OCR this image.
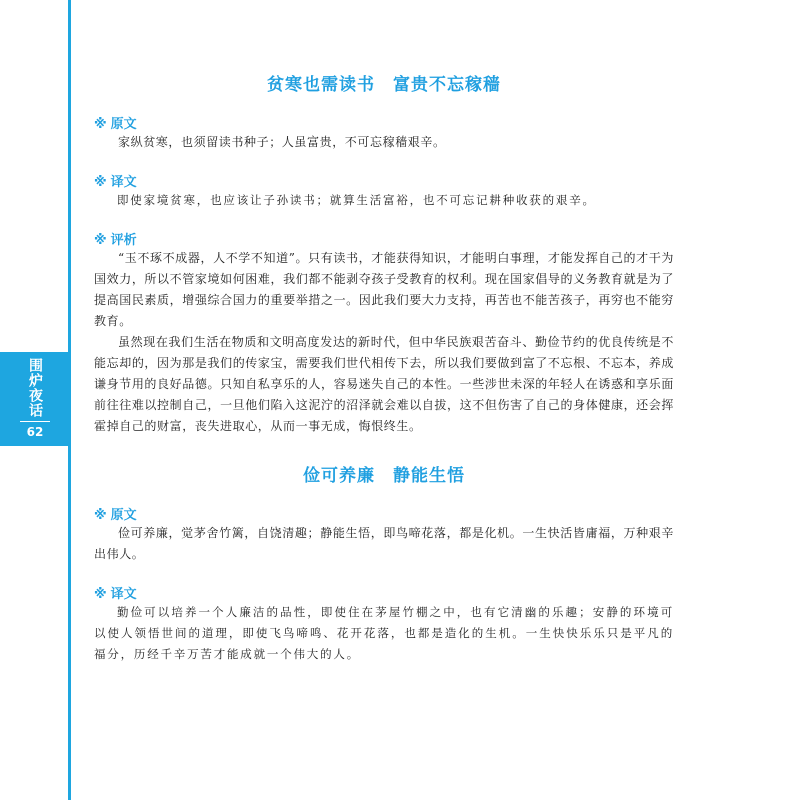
围炉夜话
62
贫寒也需读书　富贵不忘稼穑
※ 原文

家纵贫寒，也须留读书种子；人虽富贵，不可忘稼穑艰辛。

※ 译文

即使家境贫寒，也应该让子孙读书；就算生活富裕，也不可忘记耕种收获的艰辛。

※ 评析

“玉不琢不成器，人不学不知道”。只有读书，才能获得知识，才能明白事理，才能发挥自己的才干为国效力，所以不管家境如何困难，我们都不能剥夺孩子受教育的权利。现在国家倡导的义务教育就是为了提高国民素质，增强综合国力的重要举措之一。因此我们要大力支持，再苦也不能苦孩子，再穷也不能穷教育。

虽然现在我们生活在物质和文明高度发达的新时代，但中华民族艰苦奋斗、勤俭节约的优良传统是不能忘却的，因为那是我们的传家宝，需要我们世代相传下去，所以我们要做到富了不忘根、不忘本，养成谦身节用的良好品德。只知自私享乐的人，容易迷失自己的本性。一些涉世未深的年轻人在诱惑和享乐面前往往难以控制自己，一旦他们陷入这泥泞的沼泽就会难以自拔，这不但伤害了自己的身体健康，还会挥霍掉自己的财富，丧失进取心，从而一事无成，悔恨终生。

俭可养廉　静能生悟
※ 原文

俭可养廉，觉茅舍竹篱，自饶清趣；静能生悟，即鸟啼花落，都是化机。一生快活皆庸福，万种艰辛出伟人。

※ 译文

勤俭可以培养一个人廉洁的品性，即使住在茅屋竹棚之中，也有它清幽的乐趣；安静的环境可以使人领悟世间的道理，即使飞鸟啼鸣、花开花落，也都是造化的生机。一生快快乐乐只是平凡的福分，历经千辛万苦才能成就一个伟大的人。
